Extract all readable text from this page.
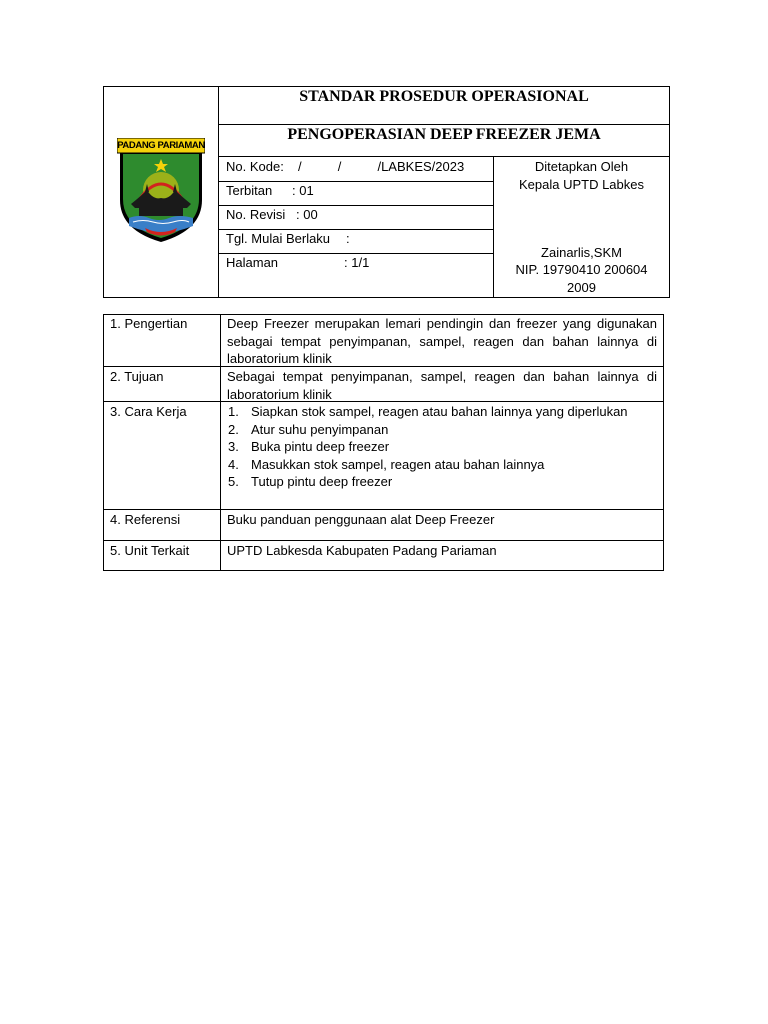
PADANG PARIAMAN
STANDAR PROSEDUR OPERASIONAL
PENGOPERASIAN DEEP FREEZER JEMA
No. Kode: /          /          /LABKES/2023
Terbitan : 01
No. Revisi : 00
Tgl. Mulai Berlaku :
Halaman	: 1/1
Ditetapkan Oleh
Kepala UPTD Labkes
Zainarlis,SKM
NIP. 19790410 200604
2009
1. Pengertian	Deep Freezer merupakan lemari pendingin dan freezer yang digunakan sebagai tempat penyimpanan, sampel, reagen dan bahan lainnya di laboratorium klinik
2. Tujuan	Sebagai tempat penyimpanan, sampel, reagen dan bahan lainnya di laboratorium klinik
3. Cara Kerja	1. Siapkan stok sampel, reagen atau bahan lainnya yang diperlukan
2. Atur suhu penyimpanan
3. Buka pintu deep freezer
4. Masukkan stok sampel, reagen atau bahan lainnya
5. Tutup pintu deep freezer
4. Referensi	Buku panduan penggunaan alat Deep Freezer
5. Unit Terkait	UPTD Labkesda Kabupaten Padang Pariaman
